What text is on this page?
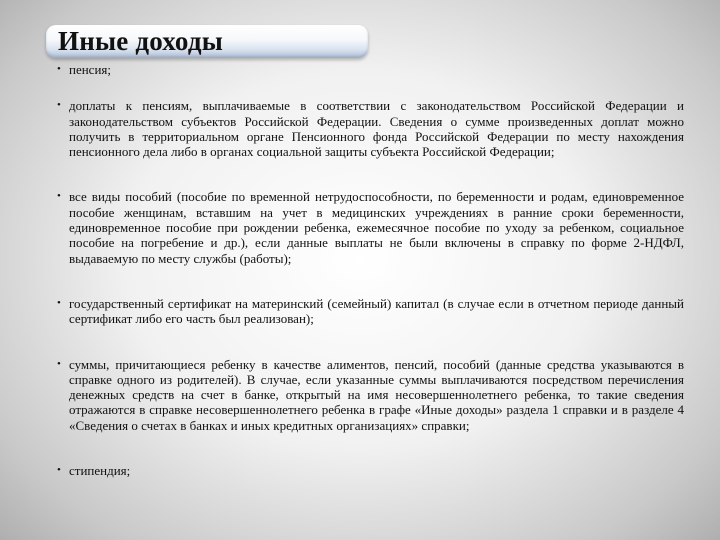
Иные доходы
• пенсия;
• доплаты к пенсиям, выплачиваемые в соответствии с законодательством Российской Федерации и законодательством субъектов Российской Федерации. Сведения о сумме произведенных доплат можно получить в территориальном органе Пенсионного фонда Российской Федерации по месту нахождения пенсионного дела либо в органах социальной защиты субъекта Российской Федерации;
• все виды пособий (пособие по временной нетрудоспособности, по беременности и родам, единовременное пособие женщинам, вставшим на учет в медицинских учреждениях в ранние сроки беременности, единовременное пособие при рождении ребенка, ежемесячное пособие по уходу за ребенком, социальное пособие на погребение и др.), если данные выплаты не были включены в справку по форме 2-НДФЛ, выдаваемую по месту службы (работы);
• государственный сертификат на материнский (семейный) капитал (в случае если в отчетном периоде данный сертификат либо его часть был реализован);
• суммы, причитающиеся ребенку в качестве алиментов, пенсий, пособий (данные средства указываются в справке одного из родителей). В случае, если указанные суммы выплачиваются посредством перечисления денежных средств на счет в банке, открытый на имя несовершеннолетнего ребенка, то такие сведения отражаются в справке несовершеннолетнего ребенка в графе «Иные доходы» раздела 1 справки и в разделе 4 «Сведения о счетах в банках и иных кредитных организациях» справки;
• стипендия;
